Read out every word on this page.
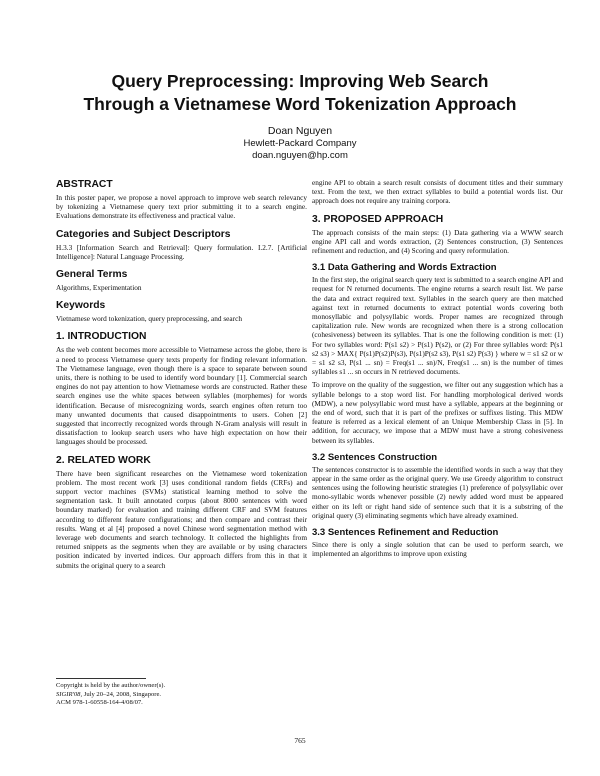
Query Preprocessing: Improving Web Search
Through a Vietnamese Word Tokenization Approach
Doan Nguyen
Hewlett-Packard Company
doan.nguyen@hp.com
ABSTRACT

In this poster paper, we propose a novel approach to improve web search relevancy by tokenizing a Vietnamese query text prior submitting it to a search engine. Evaluations demonstrate its effectiveness and practical value.

Categories and Subject Descriptors

H.3.3 [Information Search and Retrieval]: Query formulation. I.2.7. [Artificial Intelligence]: Natural Language Processing.

General Terms

Algorithms, Experimentation

Keywords

Vietnamese word tokenization, query preprocessing, and search

1. INTRODUCTION

As the web content becomes more accessible to Vietnamese across the globe, there is a need to process Vietnamese query texts properly for finding relevant information. The Vietnamese language, even though there is a space to separate between sound units, there is nothing to be used to identify word boundary [1]. Commercial search engines do not pay attention to how Vietnamese words are constructed. Rather these search engines use the white spaces between syllables (morphemes) for words identification. Because of misrecognizing words, search engines often return too many unwanted documents that caused disappointments to users. Cohen [2] suggested that incorrectly recognized words through N-Gram analysis will result in dissatisfaction to lookup search users who have high expectation on how their languages should be processed.

2. RELATED WORK

There have been significant researches on the Vietnamese word tokenization problem. The most recent work [3] uses conditional random fields (CRFs) and support vector machines (SVMs) statistical learning method to solve the segmentation task. It built annotated corpus (about 8000 sentences with word boundary marked) for evaluation and training different CRF and SVM features according to different feature configurations; and then compare and contrast their results. Wang et al [4] proposed a novel Chinese word segmentation method with leverage web documents and search technology. It collected the highlights from returned snippets as the segments when they are available or by using characters position indicated by inverted indices. Our approach differs from this in that it submits the original query to a search

Copyright is held by the author/owner(s).
SIGIR'08, July 20–24, 2008, Singapore.
ACM 978-1-60558-164-4/08/07.

engine API to obtain a search result consists of document titles and their summary text. From the text, we then extract syllables to build a potential words list. Our approach does not require any training corpora.

3. PROPOSED APPROACH

The approach consists of the main steps: (1) Data gathering via a WWW search engine API call and words extraction, (2) Sentences construction, (3) Sentences refinement and reduction, and (4) Scoring and query reformulation.

3.1 Data Gathering and Words Extraction

In the first step, the original search query text is submitted to a search engine API and request for N returned documents. The engine returns a search result list. We parse the data and extract required text. Syllables in the search query are then matched against text in returned documents to extract potential words covering both monosyllabic and polysyllabic words. Proper names are recognized through capitalization rule. New words are recognized when there is a strong collocation (cohesiveness) between its syllables. That is one the following condition is met: (1) For two syllables word: P(s1 s2) > P(s1) P(s2), or (2) For three syllables word: P(s1 s2 s3) > MAX{ P(s1)P(s2)P(s3), P(s1)P(s2 s3), P(s1 s2) P(s3) } where w = s1 s2 or w = s1 s2 s3, P(s1 ... sn) = Freq(s1 ... sn)/N, Freq(s1 ... sn) is the number of times syllables s1 ... sn occurs in N retrieved documents.

To improve on the quality of the suggestion, we filter out any suggestion which has a syllable belongs to a stop word list. For handling morphological derived words (MDW), a new polysyllabic word must have a syllable, appears at the beginning or the end of word, such that it is part of the prefixes or suffixes listing. This MDW feature is referred as a lexical element of an Unique Membership Class in [5]. In addition, for accuracy, we impose that a MDW must have a strong cohesiveness between its syllables.

3.2 Sentences Construction

The sentences constructor is to assemble the identified words in such a way that they appear in the same order as the original query. We use Greedy algorithm to construct sentences using the following heuristic strategies (1) preference of polysyllabic over mono-syllabic words whenever possible (2) newly added word must be appeared either on its left or right hand side of sentence such that it is a substring of the original query (3) eliminating segments which have already examined.

3.3 Sentences Refinement and Reduction

Since there is only a single solution that can be used to perform search, we implemented an algorithms to improve upon existing

765
